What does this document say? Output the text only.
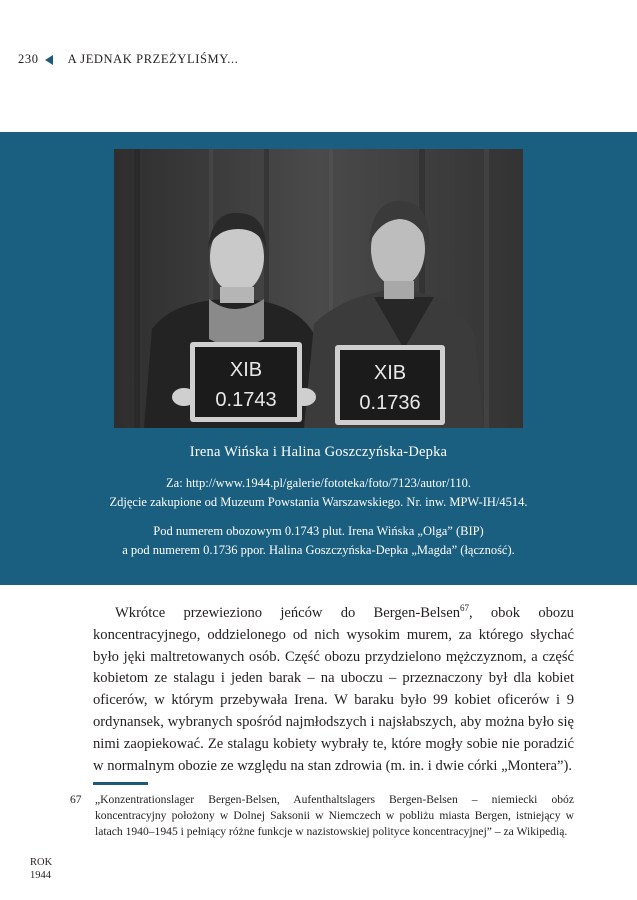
230 A JEDNAK PRZEŻYLIŚMY...
XIB
0.1743
XIB
0.1736
Irena Wińska i Halina Goszczyńska-Depka
Za: http://www.1944.pl/galerie/fototeka/foto/7123/autor/110.
Zdjęcie zakupione od Muzeum Powstania Warszawskiego. Nr. inw. MPW-IH/4514.
Pod numerem obozowym 0.1743 plut. Irena Wińska „Olga” (BIP)
a pod numerem 0.1736 ppor. Halina Goszczyńska-Depka „Magda” (łączność).

Wkrótce przewieziono jeńców do Bergen-Belsen$^{67}$, obok obozu koncentracyjnego, oddzielonego od nich wysokim murem, za którego słychać było jęki maltretowanych osób. Część obozu przydzielono mężczyznom, a część kobietom ze stalagu i jeden barak – na uboczu – przeznaczony był dla kobiet oficerów, w którym przebywała Irena. W baraku było 99 kobiet oficerów i 9 ordynansek, wybranych spośród najmłodszych i najsłabszych, aby można było się nimi zaopiekować. Ze stalagu kobiety wybrały te, które mogły sobie nie poradzić w normalnym obozie ze względu na stan zdrowia (m. in. i dwie córki „Montera”).

67	„Konzentrationslager Bergen-Belsen, Aufenthaltslagers Bergen-Belsen – niemiecki obóz koncentracyjny położony w Dolnej Saksonii w Niemczech w pobliżu miasta Bergen, istniejący w latach 1940–1945 i pełniący różne funkcje w nazistowskiej polityce koncentracyjnej” – za Wikipedią.
ROK
1944
